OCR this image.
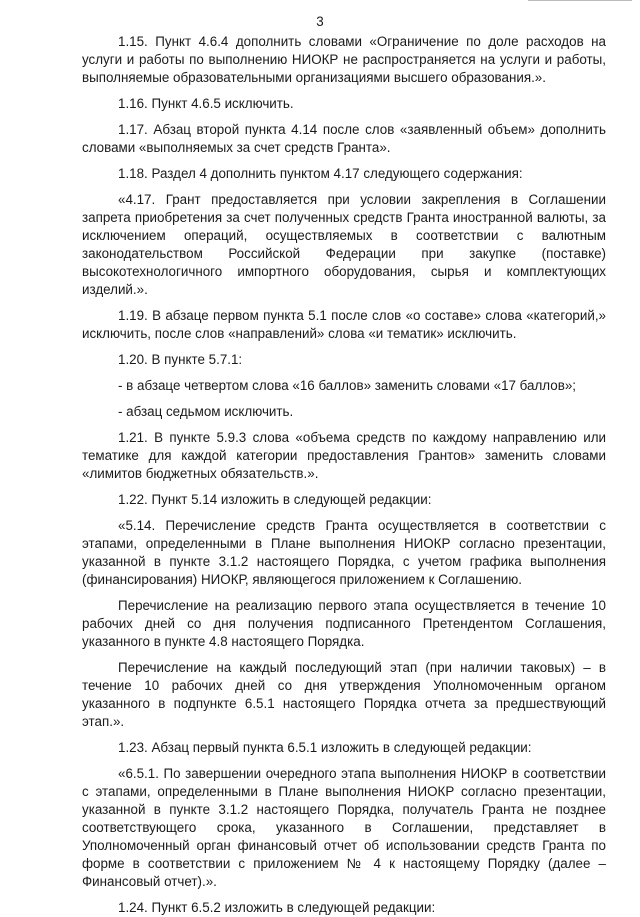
3

1.15. Пункт 4.6.4 дополнить словами «Ограничение по доле расходов на услуги и работы по выполнению НИОКР не распространяется на услуги и работы, выполняемые образовательными организациями высшего образования.».

1.16. Пункт 4.6.5 исключить.

1.17. Абзац второй пункта 4.14 после слов «заявленный объем» дополнить словами «выполняемых за счет средств Гранта».

1.18. Раздел 4 дополнить пунктом 4.17 следующего содержания:

«4.17. Грант предоставляется при условии закрепления в Соглашении запрета приобретения за счет полученных средств Гранта иностранной валюты, за исключением операций, осуществляемых в соответствии с валютным законодательством Российской Федерации при закупке (поставке) высокотехнологичного импортного оборудования, сырья и комплектующих изделий.».

1.19. В абзаце первом пункта 5.1 после слов «о составе» слова «категорий,» исключить, после слов «направлений» слова «и тематик» исключить.

1.20. В пункте 5.7.1:

- в абзаце четвертом слова «16 баллов» заменить словами «17 баллов»;

- абзац седьмом исключить.

1.21. В пункте 5.9.3 слова «объема средств по каждому направлению или тематике для каждой категории предоставления Грантов» заменить словами «лимитов бюджетных обязательств.».

1.22. Пункт 5.14 изложить в следующей редакции:

«5.14. Перечисление средств Гранта осуществляется в соответствии с этапами, определенными в Плане выполнения НИОКР согласно презентации, указанной в пункте 3.1.2 настоящего Порядка, с учетом графика выполнения (финансирования) НИОКР, являющегося приложением к Соглашению.

Перечисление на реализацию первого этапа осуществляется в течение 10 рабочих дней со дня получения подписанного Претендентом Соглашения, указанного в пункте 4.8 настоящего Порядка.

Перечисление на каждый последующий этап (при наличии таковых) – в течение 10 рабочих дней со дня утверждения Уполномоченным органом указанного в подпункте 6.5.1 настоящего Порядка отчета за предшествующий этап.».

1.23. Абзац первый пункта 6.5.1 изложить в следующей редакции:

«6.5.1. По завершении очередного этапа выполнения НИОКР в соответствии с этапами, определенными в Плане выполнения НИОКР согласно презентации, указанной в пункте 3.1.2 настоящего Порядка, получатель Гранта не позднее соответствующего срока, указанного в Соглашении, представляет в Уполномоченный орган финансовый отчет об использовании средств Гранта по форме в соответствии с приложением № 4 к настоящему Порядку (далее – Финансовый отчет).».

1.24. Пункт 6.5.2 изложить в следующей редакции:
